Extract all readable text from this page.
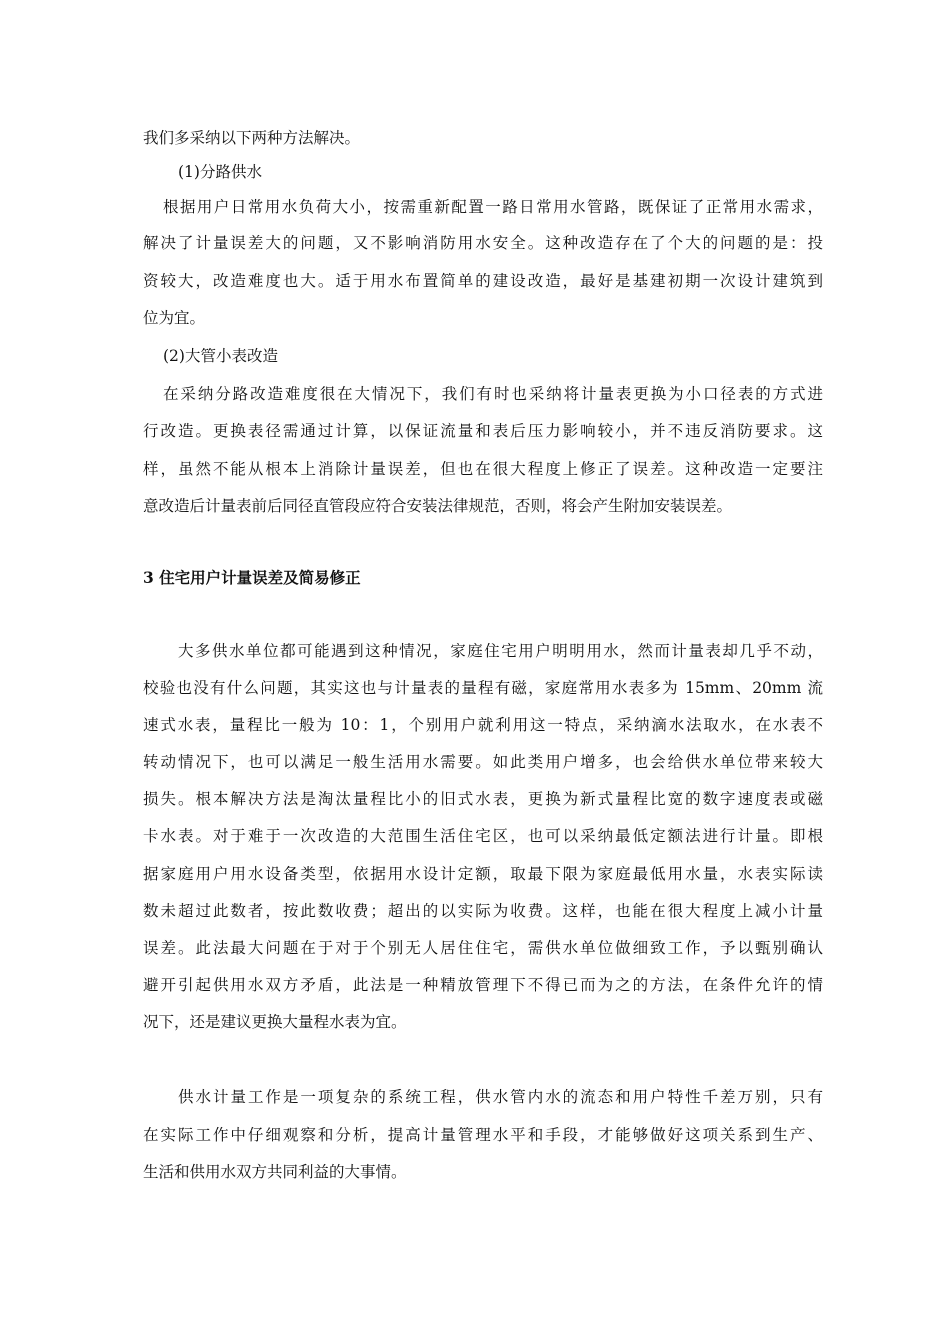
我们多采纳以下两种方法解决。
(1)分路供水
根据用户日常用水负荷大小，按需重新配置一路日常用水管路，既保证了正常用水需求，
解决了计量误差大的问题，又不影响消防用水安全。这种改造存在了个大的问题的是：投
资较大，改造难度也大。适于用水布置简单的建设改造，最好是基建初期一次设计建筑到
位为宜。
(2)大管小表改造
在采纳分路改造难度很在大情况下，我们有时也采纳将计量表更换为小口径表的方式进
行改造。更换表径需通过计算，以保证流量和表后压力影响较小，并不违反消防要求。这
样，虽然不能从根本上消除计量误差，但也在很大程度上修正了误差。这种改造一定要注
意改造后计量表前后同径直管段应符合安装法律规范，否则，将会产生附加安装误差。
3 住宅用户计量误差及简易修正
大多供水单位都可能遇到这种情况，家庭住宅用户明明用水，然而计量表却几乎不动，
校验也没有什么问题，其实这也与计量表的量程有磁，家庭常用水表多为 15mm、20mm 流
速式水表，量程比一般为 10：1，个别用户就利用这一特点，采纳滴水法取水，在水表不
转动情况下，也可以满足一般生活用水需要。如此类用户增多，也会给供水单位带来较大
损失。根本解决方法是淘汰量程比小的旧式水表，更换为新式量程比宽的数字速度表或磁
卡水表。对于难于一次改造的大范围生活住宅区，也可以采纳最低定额法进行计量。即根
据家庭用户用水设备类型，依据用水设计定额，取最下限为家庭最低用水量，水表实际读
数未超过此数者，按此数收费；超出的以实际为收费。这样，也能在很大程度上减小计量
误差。此法最大问题在于对于个别无人居住住宅，需供水单位做细致工作，予以甄别确认
避开引起供用水双方矛盾，此法是一种精放管理下不得已而为之的方法，在条件允许的情
况下，还是建议更换大量程水表为宜。
供水计量工作是一项复杂的系统工程，供水管内水的流态和用户特性千差万别，只有
在实际工作中仔细观察和分析，提高计量管理水平和手段，才能够做好这项关系到生产、
生活和供用水双方共同利益的大事情。
